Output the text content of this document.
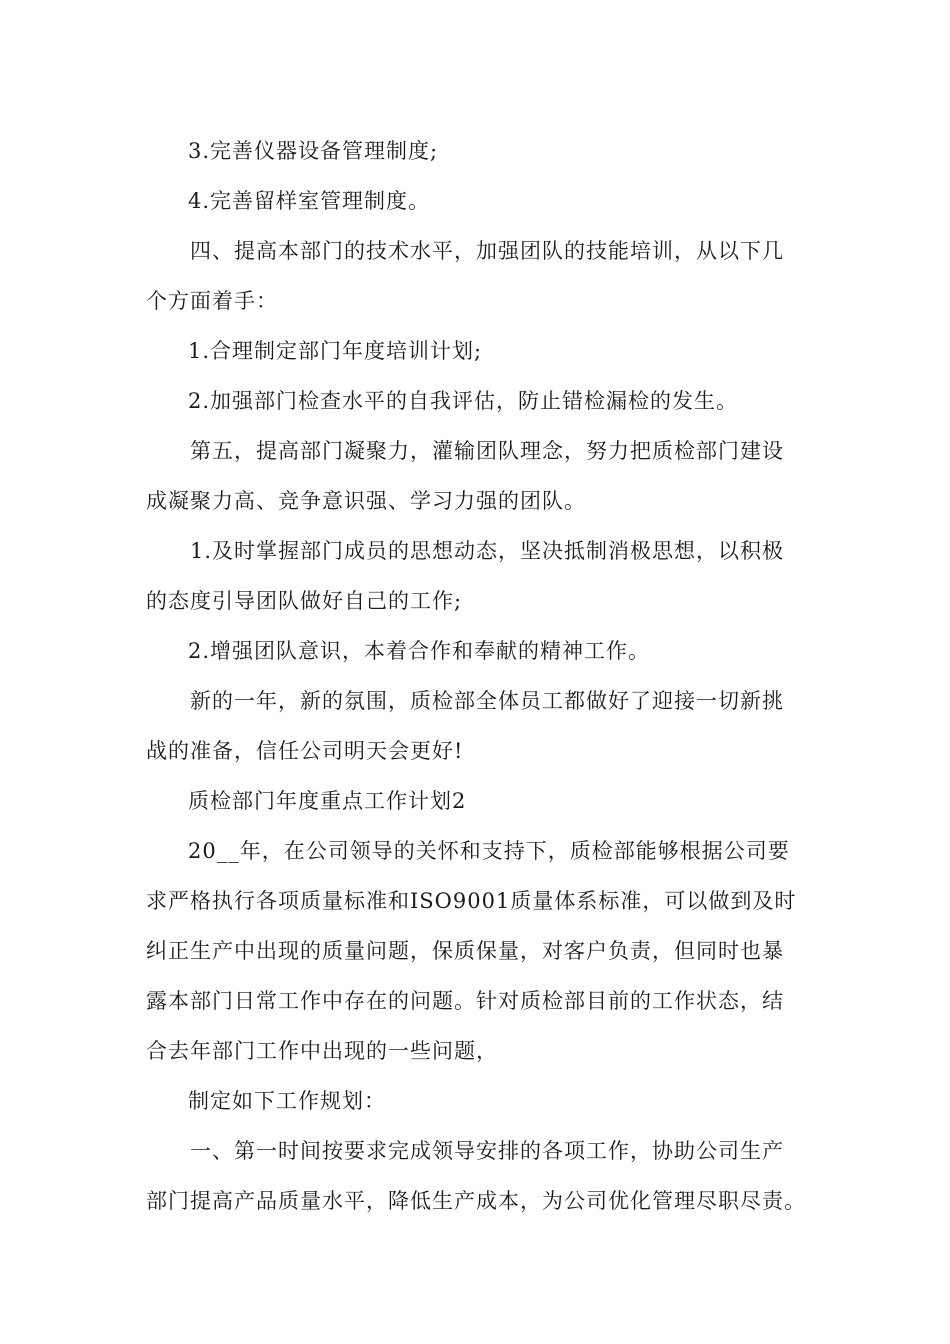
3.完善仪器设备管理制度;
4.完善留样室管理制度。
四、提高本部门的技术水平，加强团队的技能培训，从以下几
个方面着手：
1.合理制定部门年度培训计划;
2.加强部门检查水平的自我评估，防止错检漏检的发生。
第五，提高部门凝聚力，灌输团队理念，努力把质检部门建设
成凝聚力高、竞争意识强、学习力强的团队。
1.及时掌握部门成员的思想动态，坚决抵制消极思想，以积极
的态度引导团队做好自己的工作;
2.增强团队意识，本着合作和奉献的精神工作。
新的一年，新的氛围，质检部全体员工都做好了迎接一切新挑
战的准备，信任公司明天会更好!
质检部门年度重点工作计划2
20__年，在公司领导的关怀和支持下，质检部能够根据公司要
求严格执行各项质量标准和ISO9001质量体系标准，可以做到及时
纠正生产中出现的质量问题，保质保量，对客户负责，但同时也暴
露本部门日常工作中存在的问题。针对质检部目前的工作状态，结
合去年部门工作中出现的一些问题，
制定如下工作规划：
一、第一时间按要求完成领导安排的各项工作，协助公司生产
部门提高产品质量水平，降低生产成本，为公司优化管理尽职尽责。
